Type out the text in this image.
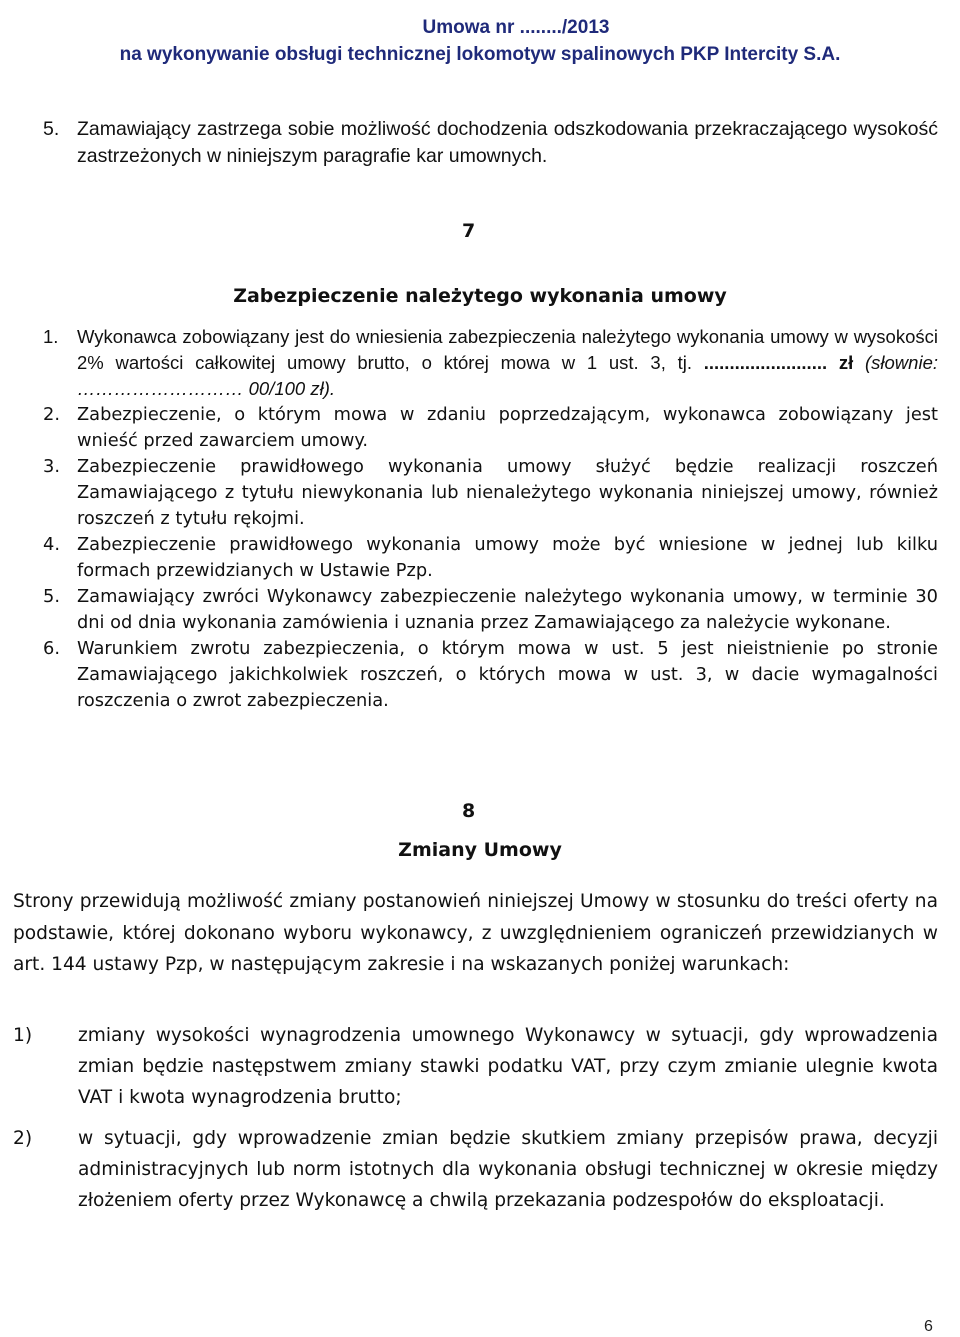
Umowa nr ......../2013
na wykonywanie obsługi technicznej lokomotyw spalinowych PKP Intercity S.A.
5. Zamawiający zastrzega sobie możliwość dochodzenia odszkodowania przekraczającego wysokość zastrzeżonych w niniejszym paragrafie kar umownych.
7
Zabezpieczenie należytego wykonania umowy
1. Wykonawca zobowiązany jest do wniesienia zabezpieczenia należytego wykonania umowy w wysokości 2% wartości całkowitej umowy brutto, o której mowa w 1 ust. 3, tj. ........................ zł (słownie: ……………………… 00/100 zł).
2. Zabezpieczenie, o którym mowa w zdaniu poprzedzającym, wykonawca zobowiązany jest wnieść przed zawarciem umowy.
3. Zabezpieczenie prawidłowego wykonania umowy służyć będzie realizacji roszczeń Zamawiającego z tytułu niewykonania lub nienależytego wykonania niniejszej umowy, również roszczeń z tytułu rękojmi.
4. Zabezpieczenie prawidłowego wykonania umowy może być wniesione w jednej lub kilku formach przewidzianych w Ustawie Pzp.
5. Zamawiający zwróci Wykonawcy zabezpieczenie należytego wykonania umowy, w terminie 30 dni od dnia wykonania zamówienia i uznania przez Zamawiającego za należycie wykonane.
6. Warunkiem zwrotu zabezpieczenia, o którym mowa w ust. 5 jest nieistnienie po stronie Zamawiającego jakichkolwiek roszczeń, o których mowa w ust. 3, w dacie wymagalności roszczenia o zwrot zabezpieczenia.
8
Zmiany Umowy

Strony przewidują możliwość zmiany postanowień niniejszej Umowy w stosunku do treści oferty na podstawie, której dokonano wyboru wykonawcy, z uwzględnieniem ograniczeń przewidzianych w art. 144 ustawy Pzp, w następującym zakresie i na wskazanych poniżej warunkach:

1) zmiany wysokości wynagrodzenia umownego Wykonawcy w sytuacji, gdy wprowadzenia zmian będzie następstwem zmiany stawki podatku VAT, przy czym zmianie ulegnie kwota VAT i kwota wynagrodzenia brutto;
2) w sytuacji, gdy wprowadzenie zmian będzie skutkiem zmiany przepisów prawa, decyzji administracyjnych lub norm istotnych dla wykonania obsługi technicznej w okresie między złożeniem oferty przez Wykonawcę a chwilą przekazania podzespołów do eksploatacji.
6
